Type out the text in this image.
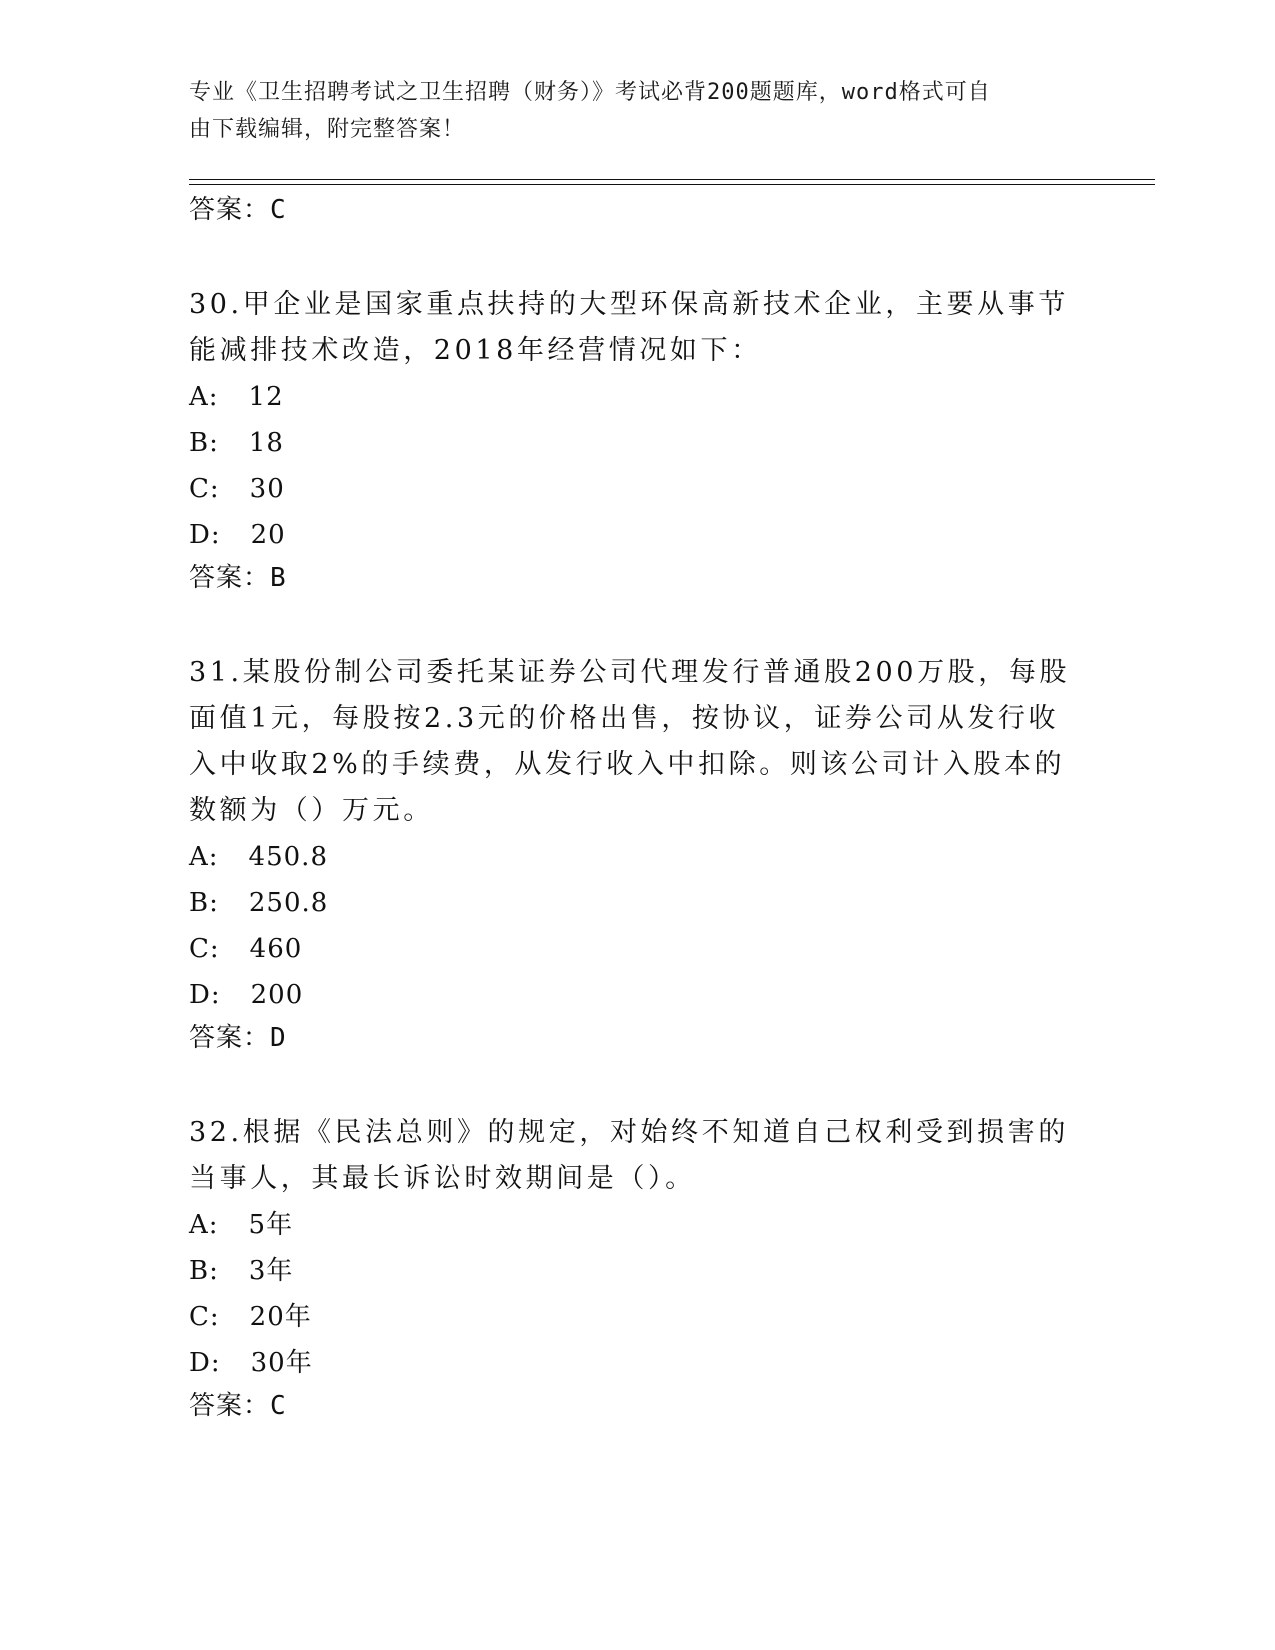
专业《卫生招聘考试之卫生招聘（财务）》考试必背200题题库，word格式可自
由下载编辑，附完整答案！
答案：C
30.甲企业是国家重点扶持的大型环保高新技术企业，主要从事节能减排技术改造，2018年经营情况如下：
A: 12
B: 18
C: 30
D: 20
答案：B
31.某股份制公司委托某证券公司代理发行普通股200万股，每股面值1元，每股按2.3元的价格出售，按协议，证券公司从发行收入中收取2%的手续费，从发行收入中扣除。则该公司计入股本的数额为（）万元。
A: 450.8
B: 250.8
C: 460
D: 200
答案：D
32.根据《民法总则》的规定，对始终不知道自己权利受到损害的当事人，其最长诉讼时效期间是（）。
A: 5年
B: 3年
C: 20年
D: 30年
答案：C
